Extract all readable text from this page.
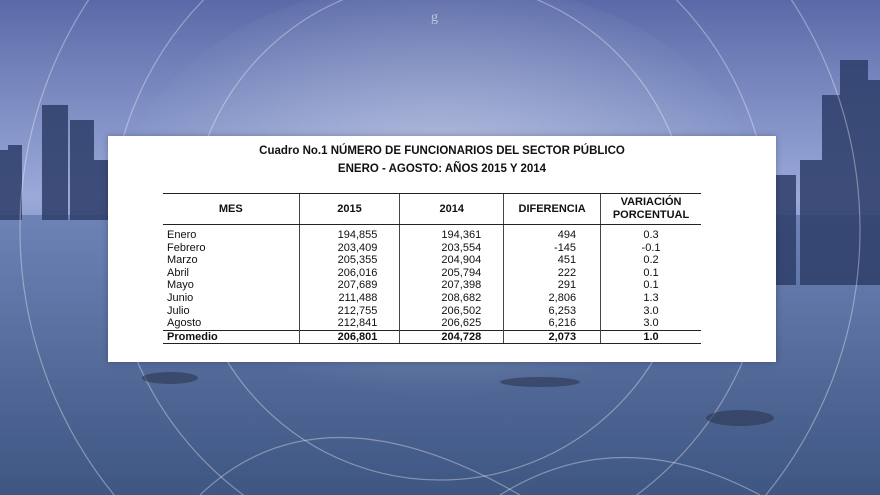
g
Cuadro No.1 NÚMERO DE FUNCIONARIOS DEL SECTOR PÚBLICO
ENERO - AGOSTO: AÑOS 2015 Y 2014
MES	2015	2014	DIFERENCIA	VARIACIÓN
PORCENTUAL
Enero	194,855	194,361	494	0.3
Febrero	203,409	203,554	-145	-0.1
Marzo	205,355	204,904	451	0.2
Abril	206,016	205,794	222	0.1
Mayo	207,689	207,398	291	0.1
Junio	211,488	208,682	2,806	1.3
Julio	212,755	206,502	6,253	3.0
Agosto	212,841	206,625	6,216	3.0
Promedio	206,801	204,728	2,073	1.0
